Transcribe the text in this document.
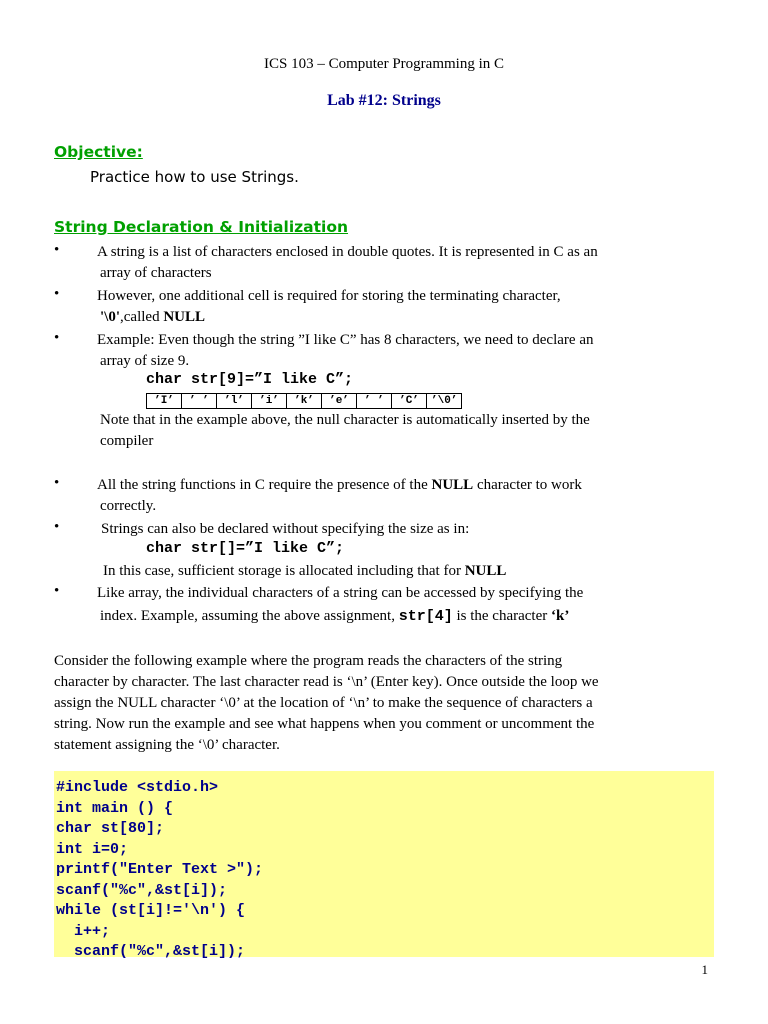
ICS 103 – Computer Programming in C
Lab #12: Strings
Objective:
Practice how to use Strings.
String Declaration & Initialization
•	A string is a list of characters enclosed in double quotes. It is represented in C as an
array of characters
•	However, one additional cell is required for storing the terminating character,
'\0',called NULL
•	Example: Even though the string ”I like C” has 8 characters, we need to declare an
array of size 9.
char str[9]=”I like C”;
’I’	’ ’	’l’	’i’	’k’	’e’	’ ’	’C’	’\0’
Note that in the example above, the null character is automatically inserted by the
compiler
•	All the string functions in C require the presence of the NULL character to work
correctly.
•	Strings can also be declared without specifying the size as in:
char str[]=”I like C”;
In this case, sufficient storage is allocated including that for NULL
•	Like array, the individual characters of a string can be accessed by specifying the
index. Example, assuming the above assignment, str[4] is the character ‘k’
Consider the following example where the program reads the characters of the string
character by character. The last character read is ‘\n’ (Enter key). Once outside the loop we
assign the NULL character ‘\0’ at the location of ‘\n’ to make the sequence of characters a
string. Now run the example and see what happens when you comment or uncomment the
statement assigning the ‘\0’ character.
#include <stdio.h>
int main () {
char st[80];
int i=0;
printf("Enter Text >");
scanf("%c",&st[i]);
while (st[i]!='\n') {
i++;
scanf("%c",&st[i]);
1
